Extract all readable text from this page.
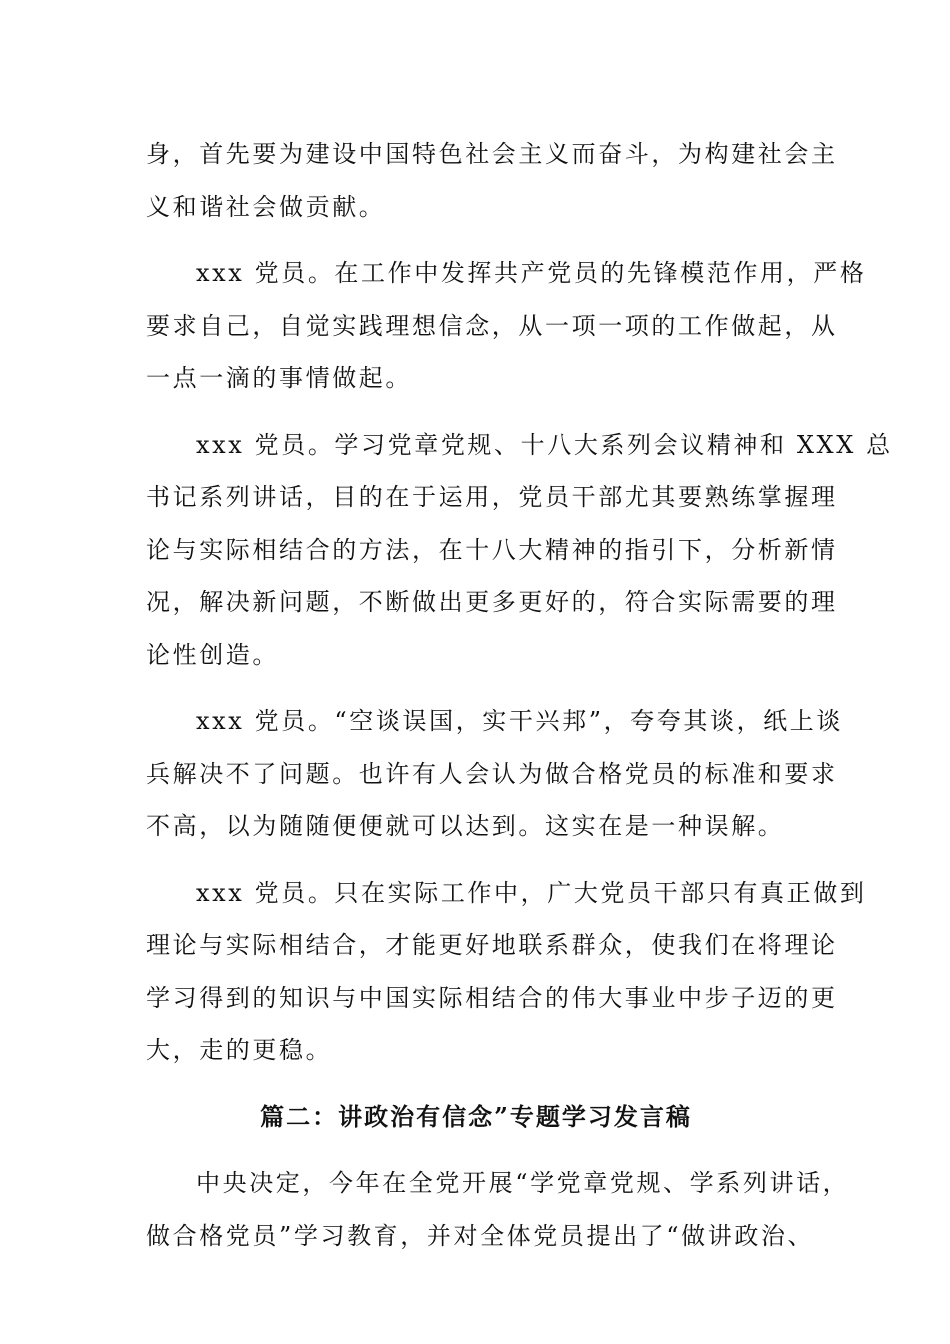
身，首先要为建设中国特色社会主义而奋斗，为构建社会主
义和谐社会做贡献。

xxx 党员。在工作中发挥共产党员的先锋模范作用，严格
要求自己，自觉实践理想信念，从一项一项的工作做起，从
一点一滴的事情做起。

xxx 党员。学习党章党规、十八大系列会议精神和 XXX 总
书记系列讲话，目的在于运用，党员干部尤其要熟练掌握理
论与实际相结合的方法，在十八大精神的指引下，分析新情
况，解决新问题，不断做出更多更好的，符合实际需要的理
论性创造。

xxx 党员。“空谈误国，实干兴邦”，夸夸其谈，纸上谈
兵解决不了问题。也许有人会认为做合格党员的标准和要求
不高，以为随随便便就可以达到。这实在是一种误解。

xxx 党员。只在实际工作中，广大党员干部只有真正做到
理论与实际相结合，才能更好地联系群众，使我们在将理论
学习得到的知识与中国实际相结合的伟大事业中步子迈的更
大，走的更稳。

篇二：讲政治有信念”专题学习发言稿

中央决定，今年在全党开展“学党章党规、学系列讲话，
做合格党员”学习教育，并对全体党员提出了“做讲政治、
